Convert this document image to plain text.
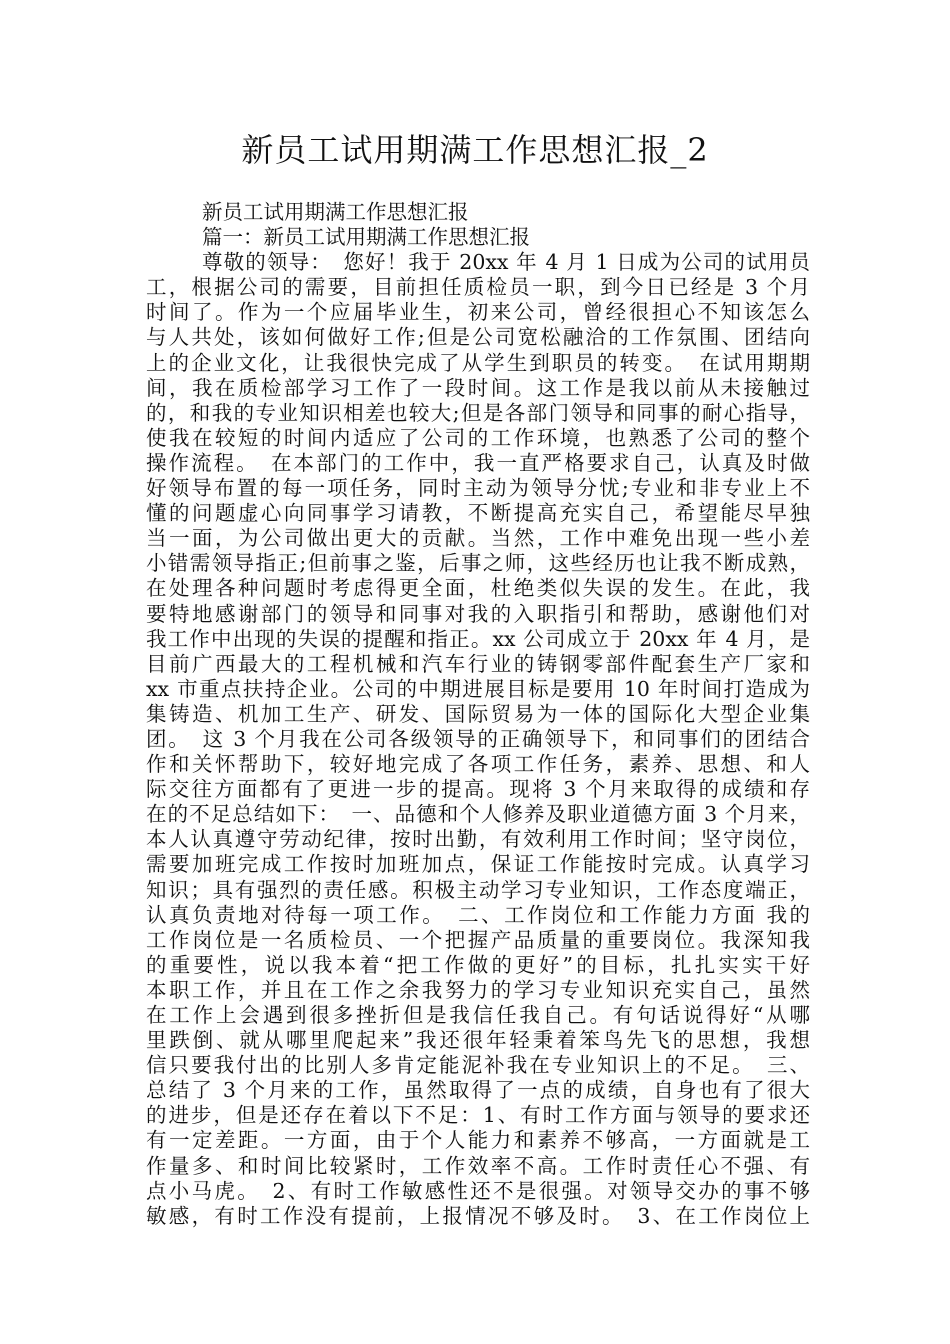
新员工试用期满工作思想汇报_2
新员工试用期满工作思想汇报
篇一：新员工试用期满工作思想汇报
尊敬的领导：　您好！我于 20xx 年 4 月 1 日成为公司的试用员
工，根据公司的需要，目前担任质检员一职，到今日已经是 3 个月
时间了。作为一个应届毕业生，初来公司，曾经很担心不知该怎么
与人共处，该如何做好工作;但是公司宽松融洽的工作氛围、团结向
上的企业文化，让我很快完成了从学生到职员的转变。　在试用期期
间，我在质检部学习工作了一段时间。这工作是我以前从未接触过
的，和我的专业知识相差也较大;但是各部门领导和同事的耐心指导，
使我在较短的时间内适应了公司的工作环境，也熟悉了公司的整个
操作流程。　在本部门的工作中，我一直严格要求自己，认真及时做
好领导布置的每一项任务，同时主动为领导分忧;专业和非专业上不
懂的问题虚心向同事学习请教，不断提高充实自己，希望能尽早独
当一面，为公司做出更大的贡献。当然，工作中难免出现一些小差
小错需领导指正;但前事之鉴，后事之师，这些经历也让我不断成熟，
在处理各种问题时考虑得更全面，杜绝类似失误的发生。在此，我
要特地感谢部门的领导和同事对我的入职指引和帮助，感谢他们对
我工作中出现的失误的提醒和指正。xx 公司成立于 20xx 年 4 月，是
目前广西最大的工程机械和汽车行业的铸钢零部件配套生产厂家和
xx 市重点扶持企业。公司的中期进展目标是要用 10 年时间打造成为
集铸造、机加工生产、研发、国际贸易为一体的国际化大型企业集
团。　这 3 个月我在公司各级领导的正确领导下，和同事们的团结合
作和关怀帮助下，较好地完成了各项工作任务，素养、思想、和人
际交往方面都有了更进一步的提高。现将 3 个月来取得的成绩和存
在的不足总结如下：　一、品德和个人修养及职业道德方面 3 个月来，
本人认真遵守劳动纪律，按时出勤，有效利用工作时间；坚守岗位，
需要加班完成工作按时加班加点，保证工作能按时完成。认真学习
知识；具有强烈的责任感。积极主动学习专业知识，工作态度端正，
认真负责地对待每一项工作。　二、工作岗位和工作能力方面 我的
工作岗位是一名质检员、一个把握产品质量的重要岗位。我深知我
的重要性，说以我本着“把工作做的更好”的目标，扎扎实实干好
本职工作，并且在工作之余我努力的学习专业知识充实自己，虽然
在工作上会遇到很多挫折但是我信任我自己。有句话说得好“从哪
里跌倒、就从哪里爬起来”我还很年轻秉着笨鸟先飞的思想，我想
信只要我付出的比别人多肯定能泥补我在专业知识上的不足。　三、
总结了 3 个月来的工作，虽然取得了一点的成绩，自身也有了很大
的进步，但是还存在着以下不足：1、有时工作方面与领导的要求还
有一定差距。一方面，由于个人能力和素养不够高，一方面就是工
作量多、和时间比较紧时，工作效率不高。工作时责任心不强、有
点小马虎。　2、有时工作敏感性还不是很强。对领导交办的事不够
敏感，有时工作没有提前，上报情况不够及时。　3、在工作岗位上
